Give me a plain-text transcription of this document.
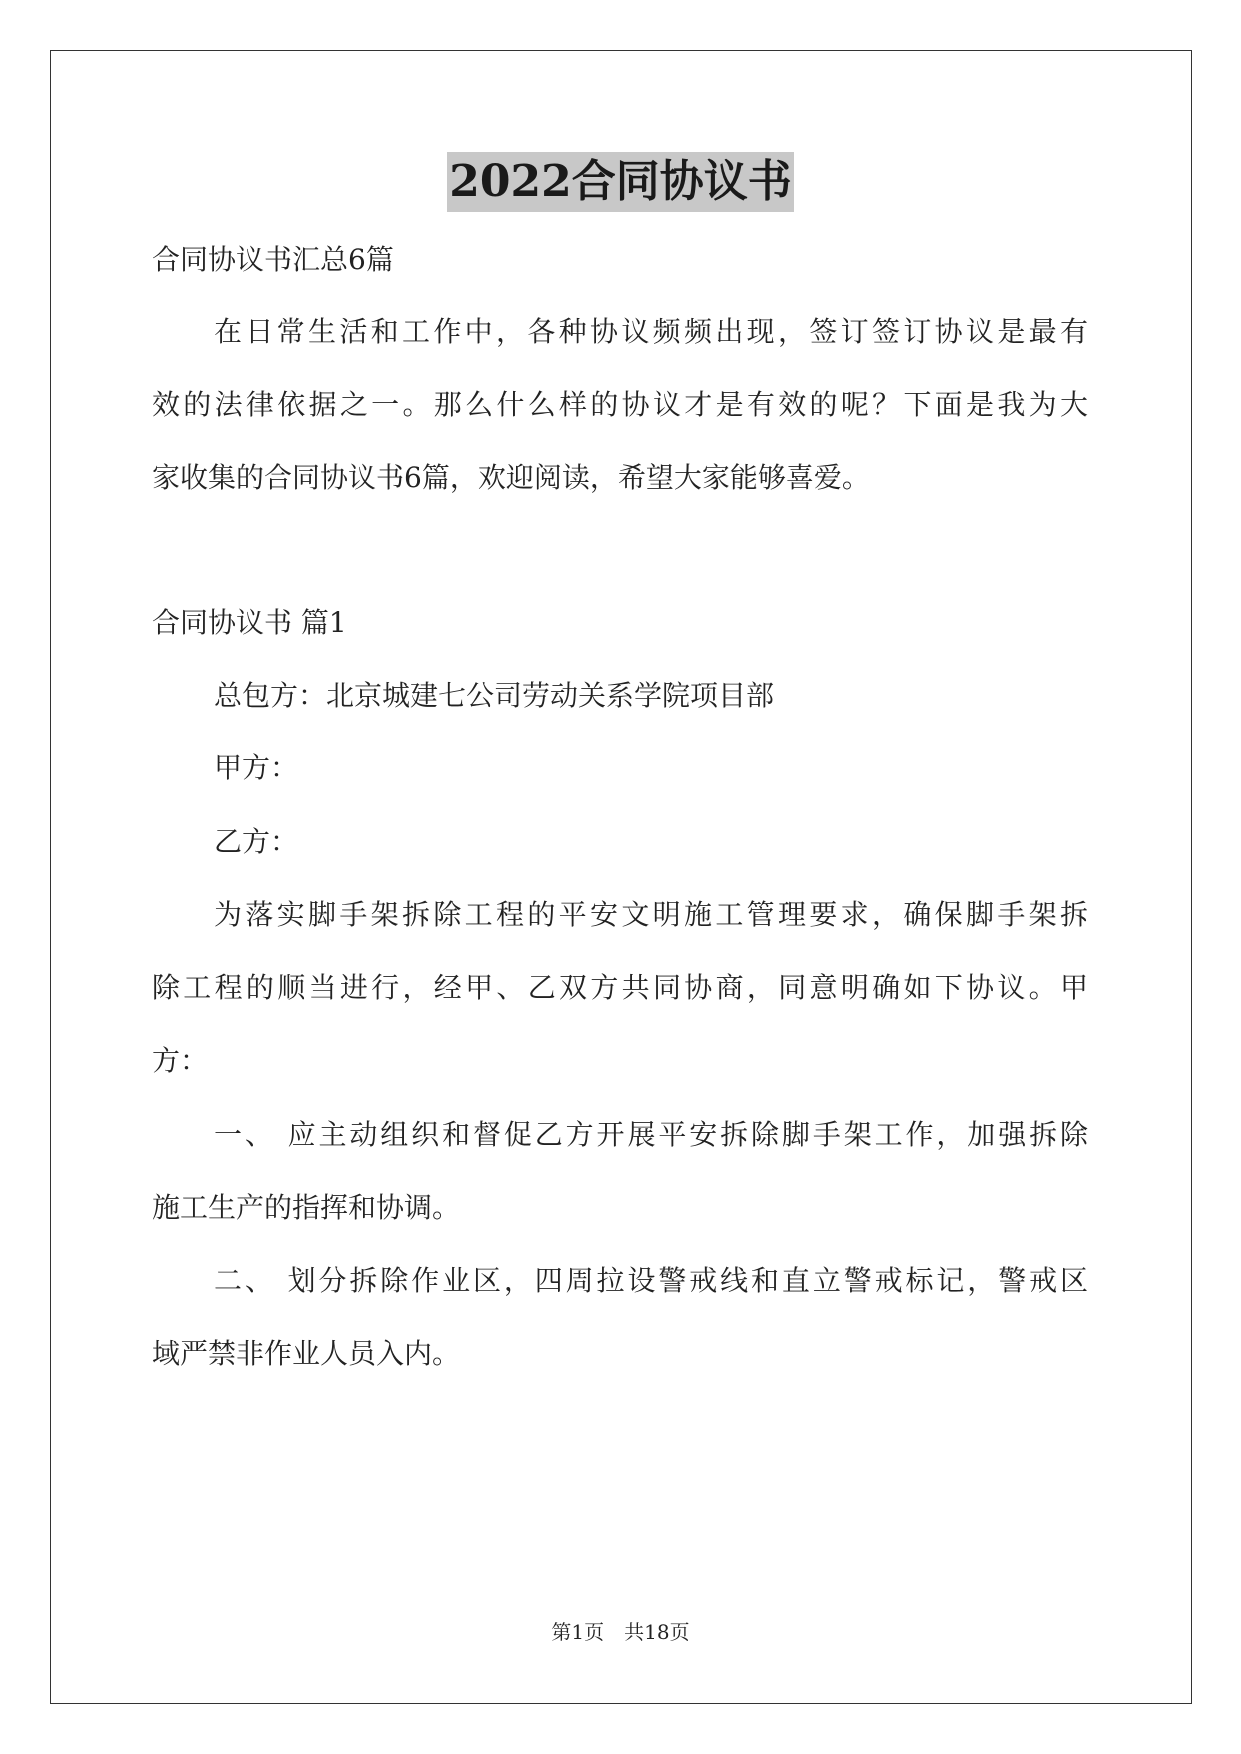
2022合同协议书
合同协议书汇总6篇
在日常生活和工作中，各种协议频频出现，签订签订协议是最有
效的法律依据之一。那么什么样的协议才是有效的呢？下面是我为大
家收集的合同协议书6篇，欢迎阅读，希望大家能够喜爱。
合同协议书 篇1
总包方：北京城建七公司劳动关系学院项目部
甲方：
乙方：
为落实脚手架拆除工程的平安文明施工管理要求，确保脚手架拆
除工程的顺当进行，经甲、乙双方共同协商，同意明确如下协议。甲
方：
一、 应主动组织和督促乙方开展平安拆除脚手架工作，加强拆除
施工生产的指挥和协调。
二、 划分拆除作业区，四周拉设警戒线和直立警戒标记，警戒区
域严禁非作业人员入内。
第1页　共18页
